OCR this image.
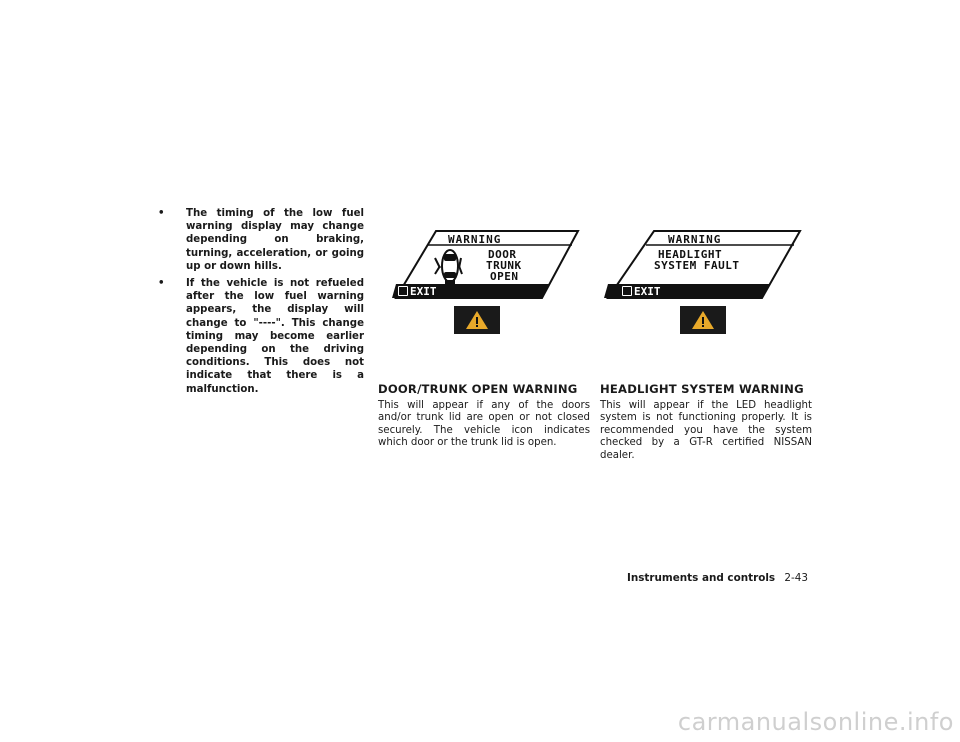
• The timing of the low fuel warning display may change depending on braking, turning, acceleration, or going up or down hills.
• If the vehicle is not refueled after the low fuel warning appears, the display will change to "----". This change timing may become earlier depending on the driving conditions. This does not indicate that there is a malfunction.
WARNING
DOOR
TRUNK
OPEN
EXIT
WARNING
HEADLIGHT
SYSTEM FAULT
EXIT
DOOR/TRUNK OPEN WARNING

This will appear if any of the doors and/or trunk lid are open or not closed securely. The vehicle icon indicates which door or the trunk lid is open.

HEADLIGHT SYSTEM WARNING

This will appear if the LED headlight system is not functioning properly. It is recommended you have the system checked by a GT-R certified NISSAN dealer.

Instruments and controls 2-43
carmanualsonline.info
